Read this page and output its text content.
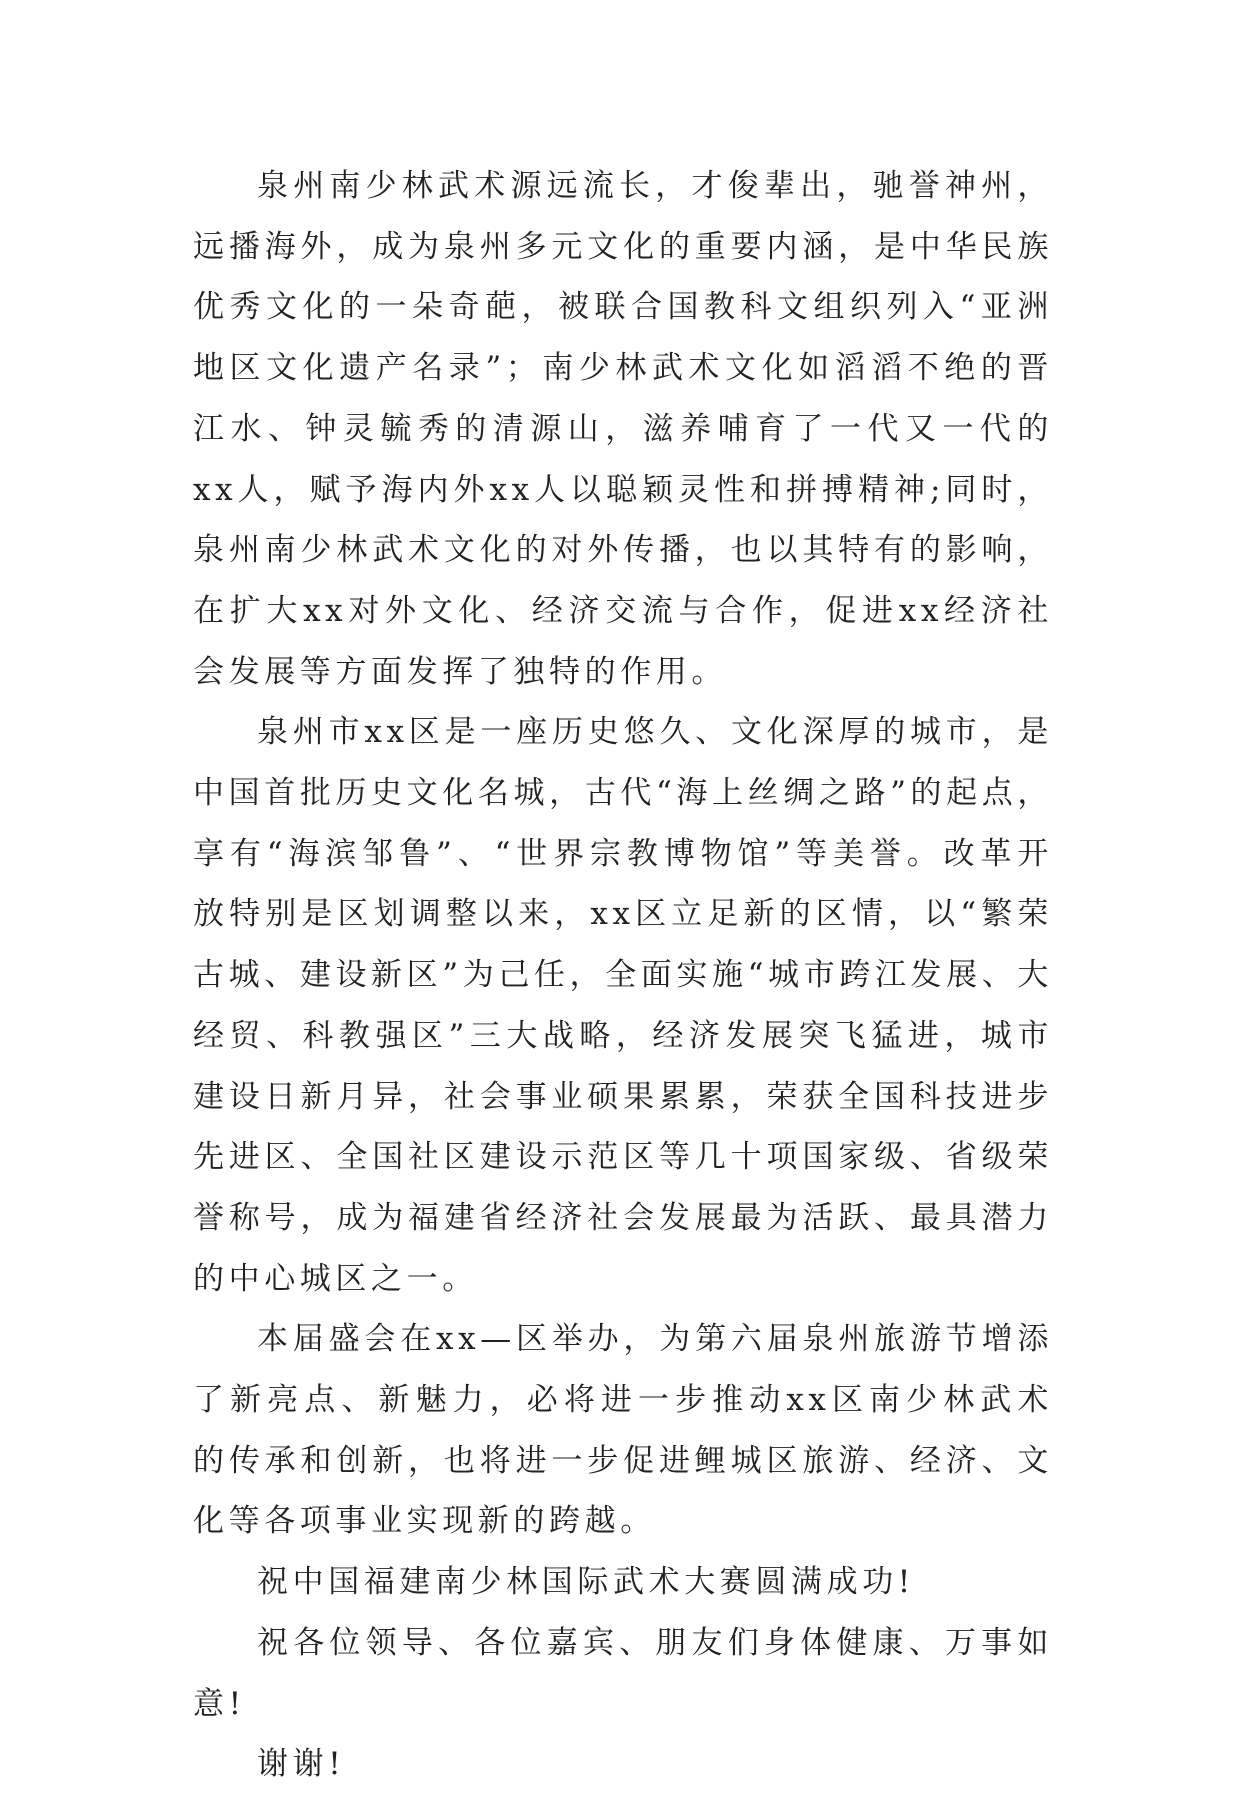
泉州南少林武术源远流长，才俊辈出，驰誉神州，远播海外，成为泉州多元文化的重要内涵，是中华民族优秀文化的一朵奇葩，被联合国教科文组织列入“亚洲地区文化遗产名录”；南少林武术文化如滔滔不绝的晋江水、钟灵毓秀的清源山，滋养哺育了一代又一代的xx人，赋予海内外xx人以聪颖灵性和拼搏精神;同时，泉州南少林武术文化的对外传播，也以其特有的影响，在扩大xx对外文化、经济交流与合作，促进xx经济社会发展等方面发挥了独特的作用。

泉州市xx区是一座历史悠久、文化深厚的城市，是中国首批历史文化名城，古代“海上丝绸之路”的起点，享有“海滨邹鲁”、“世界宗教博物馆”等美誉。改革开放特别是区划调整以来，xx区立足新的区情，以“繁荣古城、建设新区”为己任，全面实施“城市跨江发展、大经贸、科教强区”三大战略，经济发展突飞猛进，城市建设日新月异，社会事业硕果累累，荣获全国科技进步先进区、全国社区建设示范区等几十项国家级、省级荣誉称号，成为福建省经济社会发展最为活跃、最具潜力的中心城区之一。

本届盛会在xx—区举办，为第六届泉州旅游节增添了新亮点、新魅力，必将进一步推动xx区南少林武术的传承和创新，也将进一步促进鲤城区旅游、经济、文化等各项事业实现新的跨越。

祝中国福建南少林国际武术大赛圆满成功!

祝各位领导、各位嘉宾、朋友们身体健康、万事如意!

谢谢!
